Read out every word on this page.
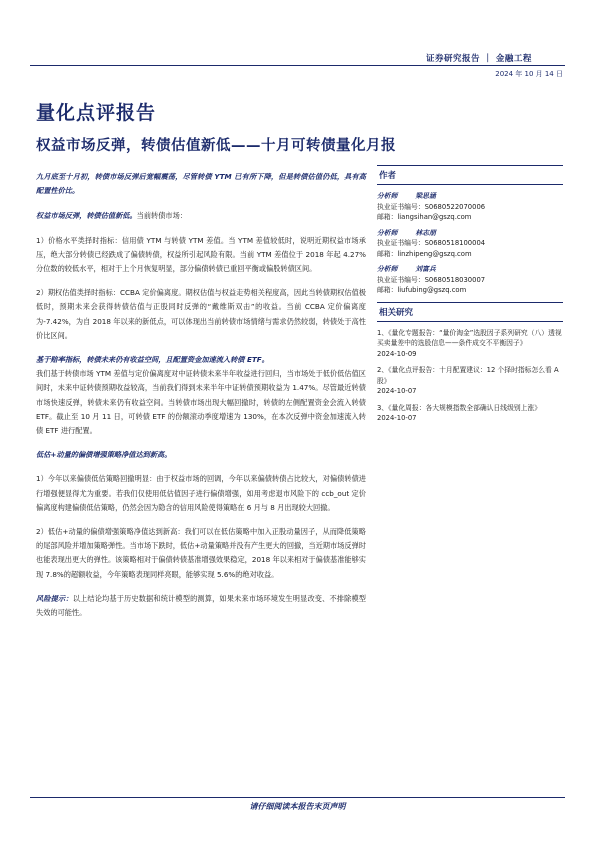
证券研究报告 ｜ 金融工程
2024 年 10 月 14 日
量化点评报告
权益市场反弹，转债估值新低——十月可转债量化月报

九月底至十月初，转债市场反弹后宽幅震荡，尽管转债 YTM 已有所下降，但是转债估值仍低，具有高配置性价比。

权益市场反弹，转债估值新低。当前转债市场：

1）价格水平类择时指标：信用债 YTM 与转债 YTM 差值。当 YTM 差值较低时，说明近期权益市场承压，绝大部分转债已经跌成了偏债转债，权益所引起风险有限。当前 YTM 差值位于 2018 年起 4.27%分位数的较低水平，相对于上个月恢复明显，部分偏债转债已重回平衡或偏股转债区间。

2）期权估值类择时指标：CCBA 定价偏离度。期权估值与权益走势相关程度高，因此当转债期权估值极低时，预期未来会获得转债估值与正股同时反弹的“戴维斯双击”的收益。当前 CCBA 定价偏离度为-7.42%，为自 2018 年以来的新低点，可以体现出当前转债市场情绪与需求仍然较弱，转债处于高性价比区间。

基于赔率指标，转债未来仍有收益空间，且配置资金加速流入转债 ETF。

我们基于转债市场 YTM 差值与定价偏离度对中证转债未来半年收益进行回归，当市场处于低价低估值区间时，未来中证转债预期收益较高，当前我们得到未来半年中证转债预期收益为 1.47%。尽管最近转债市场快速反弹，转债未来仍有收益空间。当转债市场出现大幅回撤时，转债的左侧配置资金会流入转债 ETF。截止至 10 月 11 日，可转债 ETF 的份额滚动季度增速为 130%，在本次反弹中资金加速流入转债 ETF 进行配置。

低估+动量的偏债增强策略净值达到新高。

1）今年以来偏债低估策略回撤明显：由于权益市场的回调，今年以来偏债转债占比较大，对偏债转债进行增强便显得尤为重要。若我们仅使用低估值因子进行偏债增强，如用考虑退市风险下的 ccb_out 定价偏离度构建偏债低估策略，仍然会因为隐含的信用风险使得策略在 6 月与 8 月出现较大回撤。

2）低估+动量的偏债增强策略净值达到新高：我们可以在低估策略中加入正股动量因子，从而降低策略的尾部风险并增加策略弹性。当市场下跌时，低估+动量策略并没有产生更大的回撤，当近期市场反弹时也能表现出更大的弹性。该策略相对于偏债转债基准增强效果稳定，2018 年以来相对于偏债基准能够实现 7.8%的超额收益，今年策略表现同样亮眼，能够实现 5.6%的绝对收益。

风险提示：以上结论均基于历史数据和统计模型的测算，如果未来市场环境发生明显改变、不排除模型失效的可能性。

作者
分析师	梁思涵
执业证书编号：S0680522070006
邮箱：liangsihan@gszq.com
分析师	林志朋
执业证书编号：S0680518100004
邮箱：linzhipeng@gszq.com
分析师	刘富兵
执业证书编号：S0680518030007
邮箱：liufubing@gszq.com
相关研究
1、《量化专题报告：“量价淘金”选股因子系列研究（八）透视买卖量差中的选股信息——条件成交不平衡因子》
2024-10-09
2、《量化点评报告：十月配置建议：12 个择时指标怎么看 A 股》
2024-10-07
3、《量化周报：各大规模指数全部确认日线级别上涨》
2024-10-07
请仔细阅读本报告末页声明
